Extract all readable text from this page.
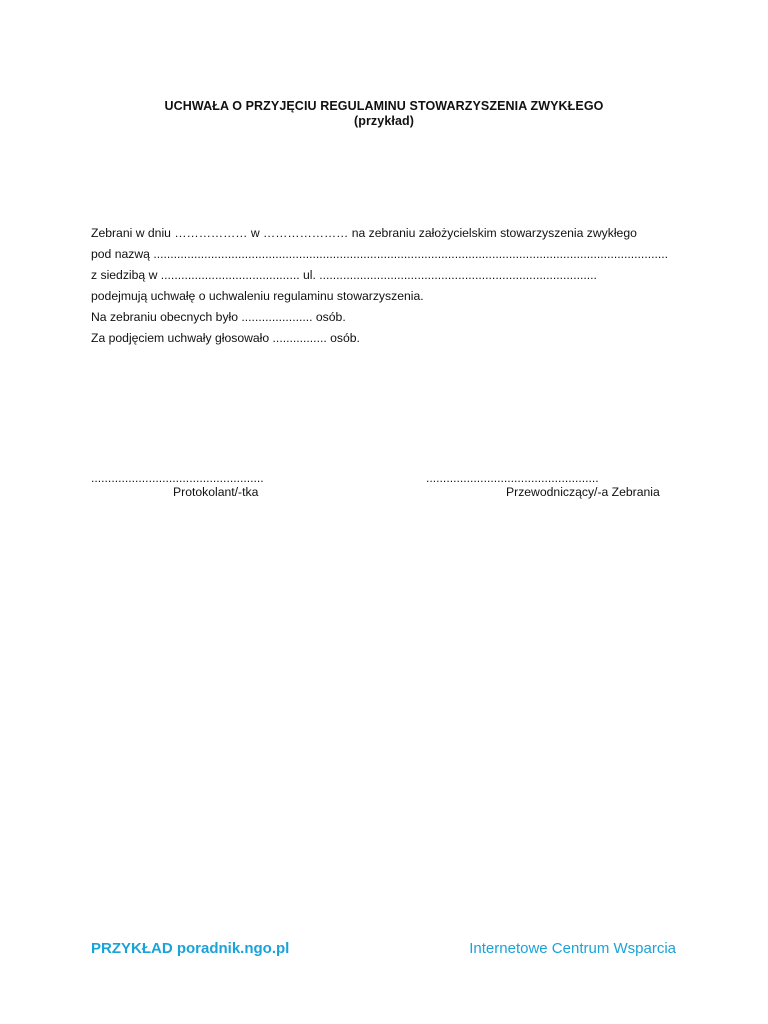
UCHWAŁA O PRZYJĘCIU REGULAMINU STOWARZYSZENIA ZWYKŁEGO
(przykład)
Zebrani w dniu ……………… w ………………… na zebraniu założycielskim stowarzyszenia zwykłego
pod nazwą ........................................................................................................................................................
z siedzibą w ......................................... ul. ..................................................................................
podejmują uchwałę o uchwaleniu regulaminu stowarzyszenia.
Na zebraniu obecnych było ..................... osób.
Za podjęciem uchwały głosowało ................ osób.
...................................................
Protokolant/-tka
...................................................
Przewodniczący/-a Zebrania
PRZYKŁAD poradnik.ngo.pl	Internetowe Centrum Wsparcia
